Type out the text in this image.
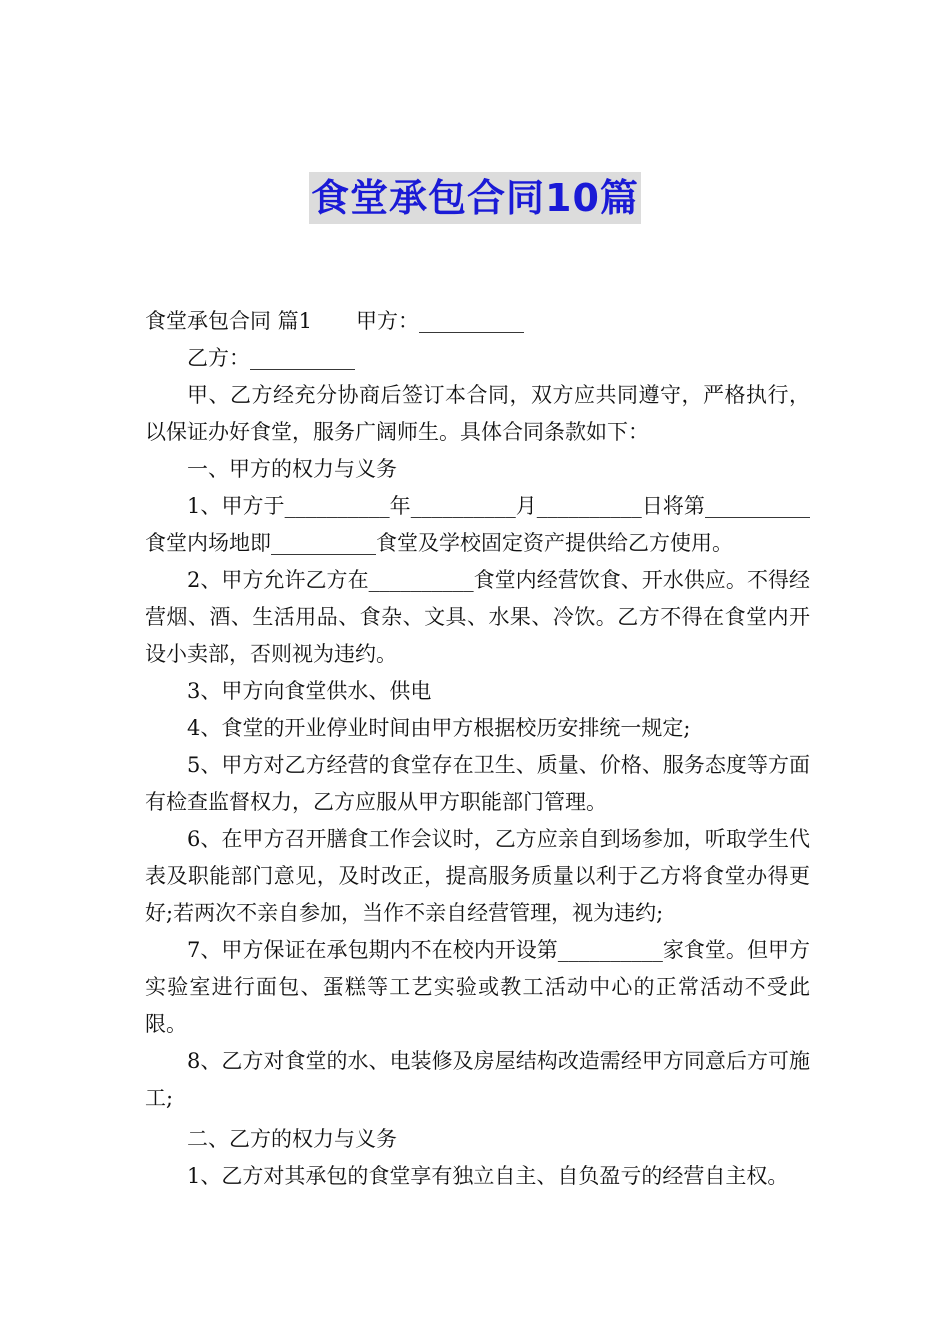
食堂承包合同10篇

食堂承包合同 篇1 甲方：__________

乙方：__________

甲、乙方经充分协商后签订本合同，双方应共同遵守，严格执行，以保证办好食堂，服务广阔师生。具体合同条款如下：

一、甲方的权力与义务

1、甲方于__________年__________月__________日将第__________食堂内场地即__________食堂及学校固定资产提供给乙方使用。

2、甲方允许乙方在__________食堂内经营饮食、开水供应。不得经营烟、酒、生活用品、食杂、文具、水果、冷饮。乙方不得在食堂内开设小卖部，否则视为违约。

3、甲方向食堂供水、供电

4、食堂的开业停业时间由甲方根据校历安排统一规定;

5、甲方对乙方经营的食堂存在卫生、质量、价格、服务态度等方面有检查监督权力，乙方应服从甲方职能部门管理。

6、在甲方召开膳食工作会议时，乙方应亲自到场参加，听取学生代表及职能部门意见，及时改正，提高服务质量以利于乙方将食堂办得更好;若两次不亲自参加，当作不亲自经营管理，视为违约;

7、甲方保证在承包期内不在校内开设第__________家食堂。但甲方实验室进行面包、蛋糕等工艺实验或教工活动中心的正常活动不受此限。

8、乙方对食堂的水、电装修及房屋结构改造需经甲方同意后方可施工;

二、乙方的权力与义务

1、乙方对其承包的食堂享有独立自主、自负盈亏的经营自主权。
